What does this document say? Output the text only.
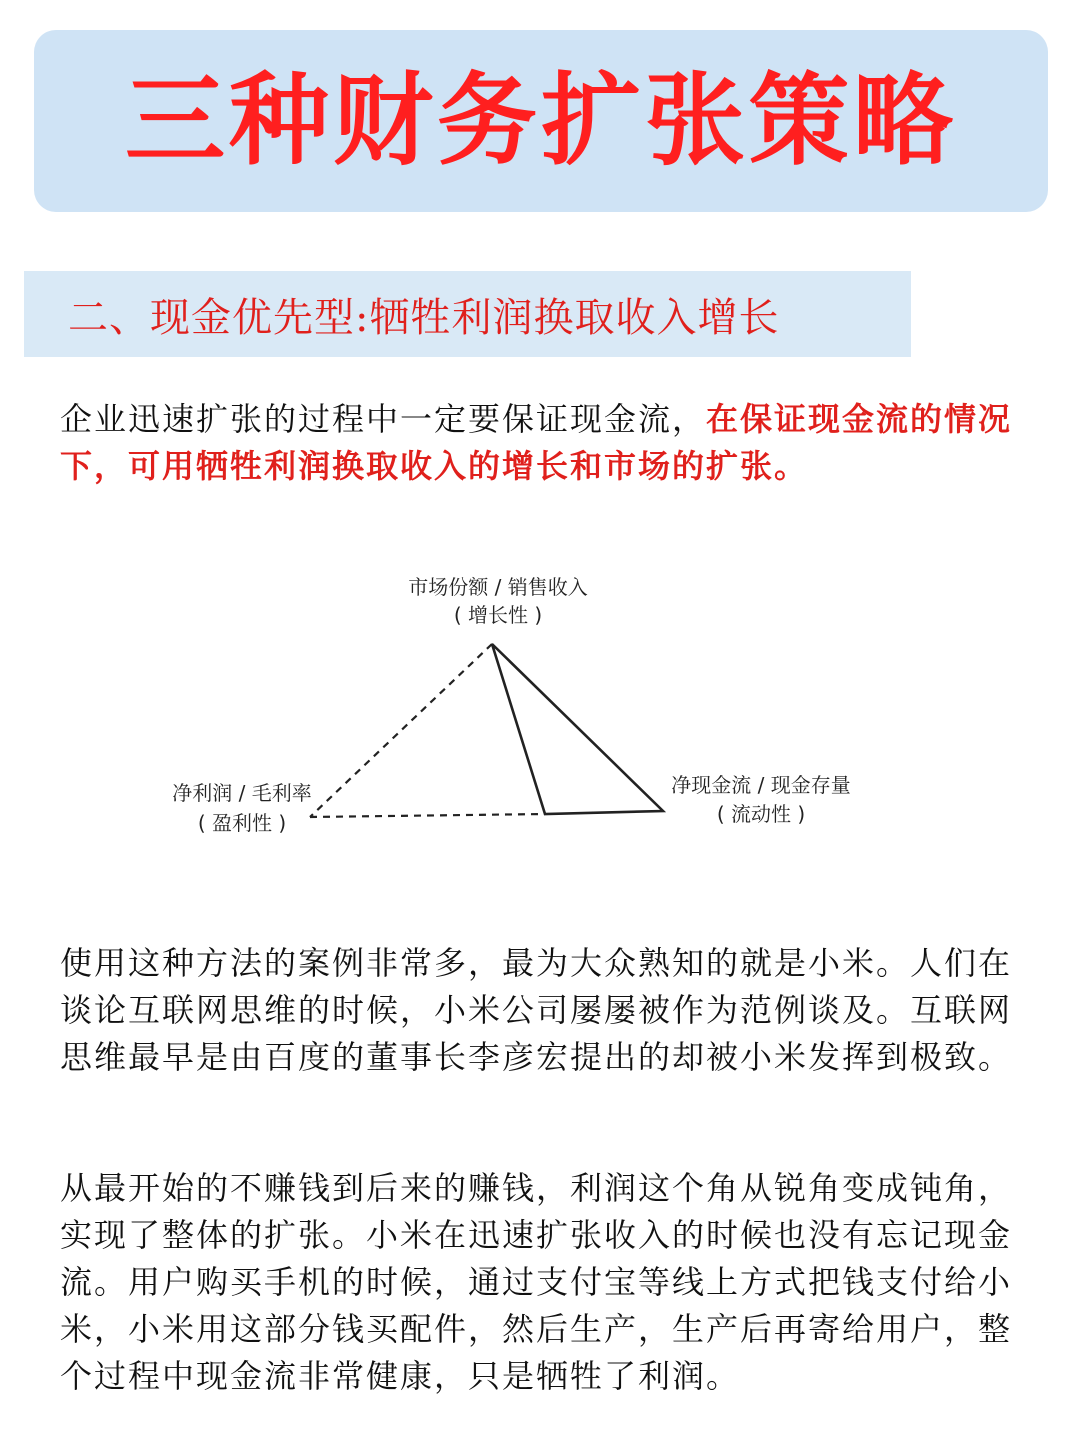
三种财务扩张策略
二、现金优先型:牺牲利润换取收入增长

企业迅速扩张的过程中一定要保证现金流，在保证现金流的情况下，可用牺牲利润换取收入的增长和市场的扩张。

市场份额 / 销售收入
( 增长性 )
净利润 / 毛利率
( 盈利性 )
净现金流 / 现金存量
( 流动性 )

使用这种方法的案例非常多，最为大众熟知的就是小米。人们在谈论互联网思维的时候，小米公司屡屡被作为范例谈及。互联网思维最早是由百度的董事长李彦宏提出的却被小米发挥到极致。

从最开始的不赚钱到后来的赚钱，利润这个角从锐角变成钝角，实现了整体的扩张。小米在迅速扩张收入的时候也没有忘记现金流。用户购买手机的时候，通过支付宝等线上方式把钱支付给小米，小米用这部分钱买配件，然后生产，生产后再寄给用户，整个过程中现金流非常健康，只是牺牲了利润。
